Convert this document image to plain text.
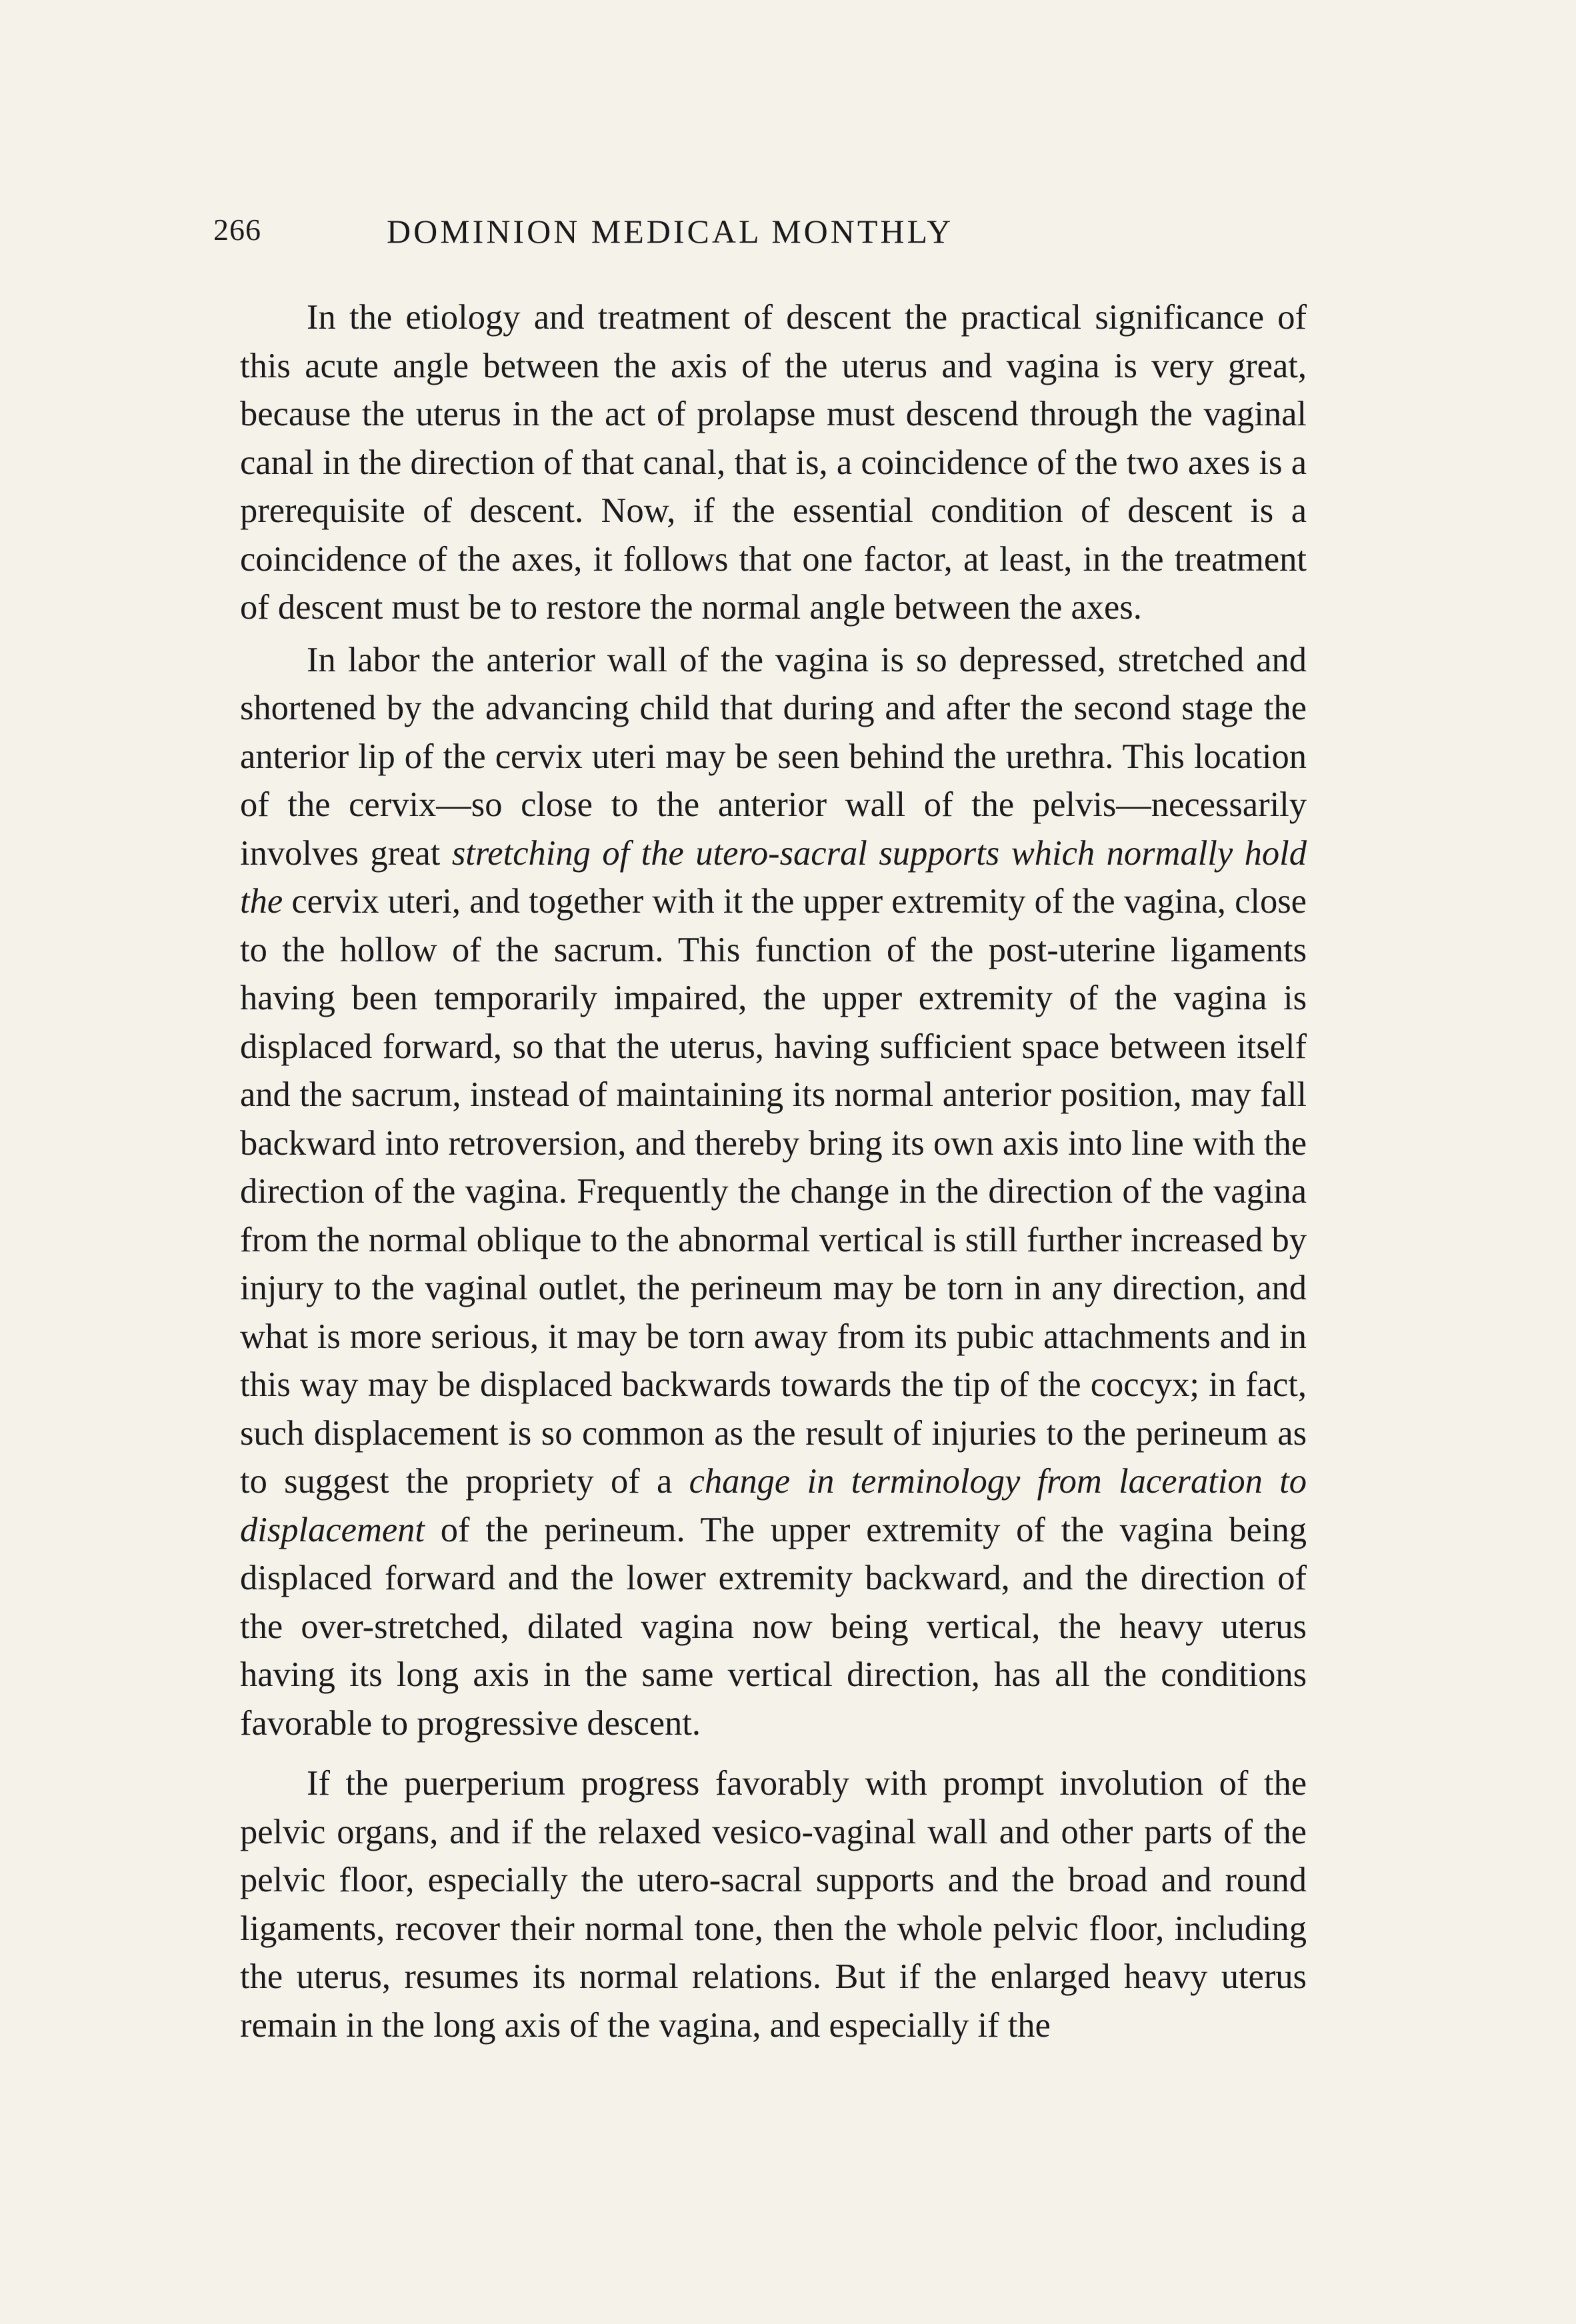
266	DOMINION MEDICAL MONTHLY

In the etiology and treatment of descent the practical significance of this acute angle between the axis of the uterus and vagina is very great, because the uterus in the act of prolapse must descend through the vaginal canal in the direction of that canal, that is, a coincidence of the two axes is a prerequisite of descent. Now, if the essential condition of descent is a coincidence of the axes, it follows that one factor, at least, in the treatment of descent must be to restore the normal angle between the axes.

In labor the anterior wall of the vagina is so depressed, stretched and shortened by the advancing child that during and after the second stage the anterior lip of the cervix uteri may be seen behind the urethra. This location of the cervix—so close to the anterior wall of the pelvis—necessarily involves great stretching of the utero-sacral supports which normally hold the cervix uteri, and together with it the upper extremity of the vagina, close to the hollow of the sacrum. This function of the post-uterine ligaments having been temporarily impaired, the upper extremity of the vagina is displaced forward, so that the uterus, having sufficient space between itself and the sacrum, instead of maintaining its normal anterior position, may fall backward into retroversion, and thereby bring its own axis into line with the direction of the vagina. Frequently the change in the direction of the vagina from the normal oblique to the abnormal vertical is still further increased by injury to the vaginal outlet, the perineum may be torn in any direction, and what is more serious, it may be torn away from its pubic attachments and in this way may be displaced backwards towards the tip of the coccyx; in fact, such displacement is so common as the result of injuries to the perineum as to suggest the propriety of a change in terminology from laceration to displacement of the perineum. The upper extremity of the vagina being displaced forward and the lower extremity backward, and the direction of the over-stretched, dilated vagina now being vertical, the heavy uterus having its long axis in the same vertical direction, has all the conditions favorable to progressive descent.

If the puerperium progress favorably with prompt involution of the pelvic organs, and if the relaxed vesico-vaginal wall and other parts of the pelvic floor, especially the utero-sacral supports and the broad and round ligaments, recover their normal tone, then the whole pelvic floor, including the uterus, resumes its normal relations. But if the enlarged heavy uterus remain in the long axis of the vagina, and especially if the
